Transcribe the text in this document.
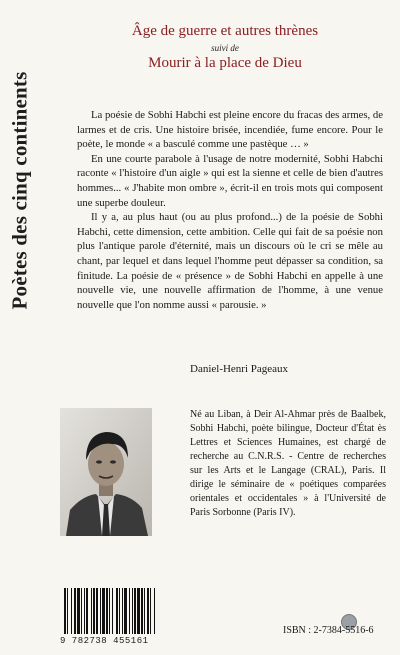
Poètes des cinq continents
Âge de guerre et autres thrènes
suivi de
Mourir à la place de Dieu

La poésie de Sobhi Habchi est pleine encore du fracas des armes, de larmes et de cris. Une histoire brisée, incendiée, fume encore. Pour le poète, le monde « a basculé comme une pastèque … »

En une courte parabole à l'usage de notre modernité, Sobhi Habchi raconte « l'histoire d'un aigle » qui est la sienne et celle de bien d'autres hommes... « J'habite mon ombre », écrit-il en trois mots qui composent une superbe douleur.

Il y a, au plus haut (ou au plus profond...) de la poésie de Sobhi Habchi, cette dimension, cette ambition. Celle qui fait de sa poésie non plus l'antique parole d'éternité, mais un discours où le cri se mêle au chant, par lequel et dans lequel l'homme peut dépasser sa condition, sa finitude. La poésie de « présence » de Sobhi Habchi en appelle à une nouvelle vie, une nouvelle affirmation de l'homme, à une venue nouvelle que l'on nomme aussi « parousie. »

Daniel-Henri Pageaux
Né au Liban, à Deir Al-Ahmar près de Baalbek, Sobhi Habchi, poète bilingue, Docteur d'État ès Lettres et Sciences Humaines, est chargé de recherche au C.N.R.S. - Centre de recherches sur les Arts et le Langage (CRAL), Paris. Il dirige le séminaire de « poétiques comparées orientales et occidentales » à l'Université de Paris Sorbonne (Paris IV).
9 782738 455161
ISBN : 2-7384-5516-6
